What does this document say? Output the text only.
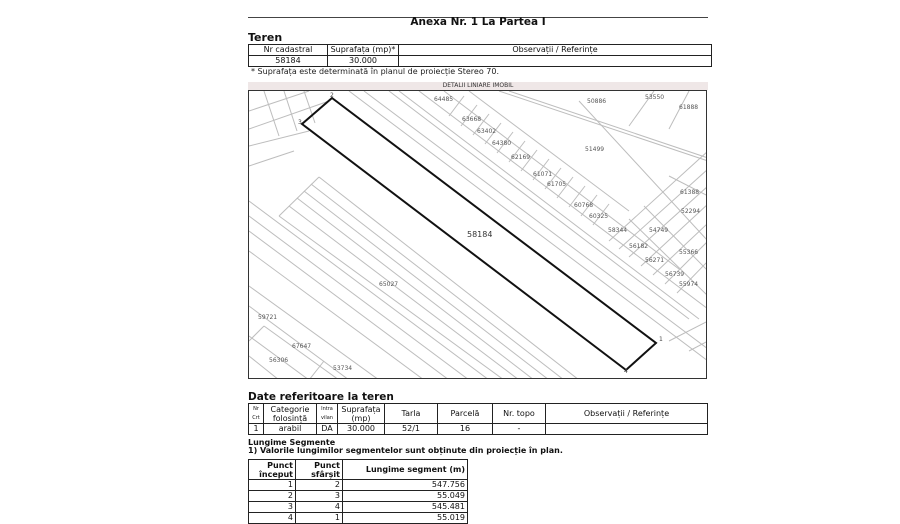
Anexa Nr. 1 La Partea I
Teren
Nr cadastral	Suprafața (mp)*	Observații / Referințe
58184	30.000	
* Suprafața este determinată în planul de proiecție Stereo 70.
DETALII LINIARE IMOBIL
1
2
3
4
58184
64485	50886
53550
61888
63668
63402
64380
51499
62169
61071
61705
61388
60768
60325
52294
58344	54749
56182
55366
56271
56739
55974
65027
59721
67647
56306
53734
Date referitoare la teren
Nr Crt	Categorie folosință	Intra vilan	Suprafața (mp)	Tarla	Parcelă	Nr. topo	Observații / Referințe
1	arabil	DA	30.000	52/1	16	-	
Lungime Segmente
1) Valorile lungimilor segmentelor sunt obținute din proiecție în plan.
Punct început	Punct sfârșit	Lungime segment (m)
1	2	547.756
2	3	55.049
3	4	545.481
4	1	55.019
